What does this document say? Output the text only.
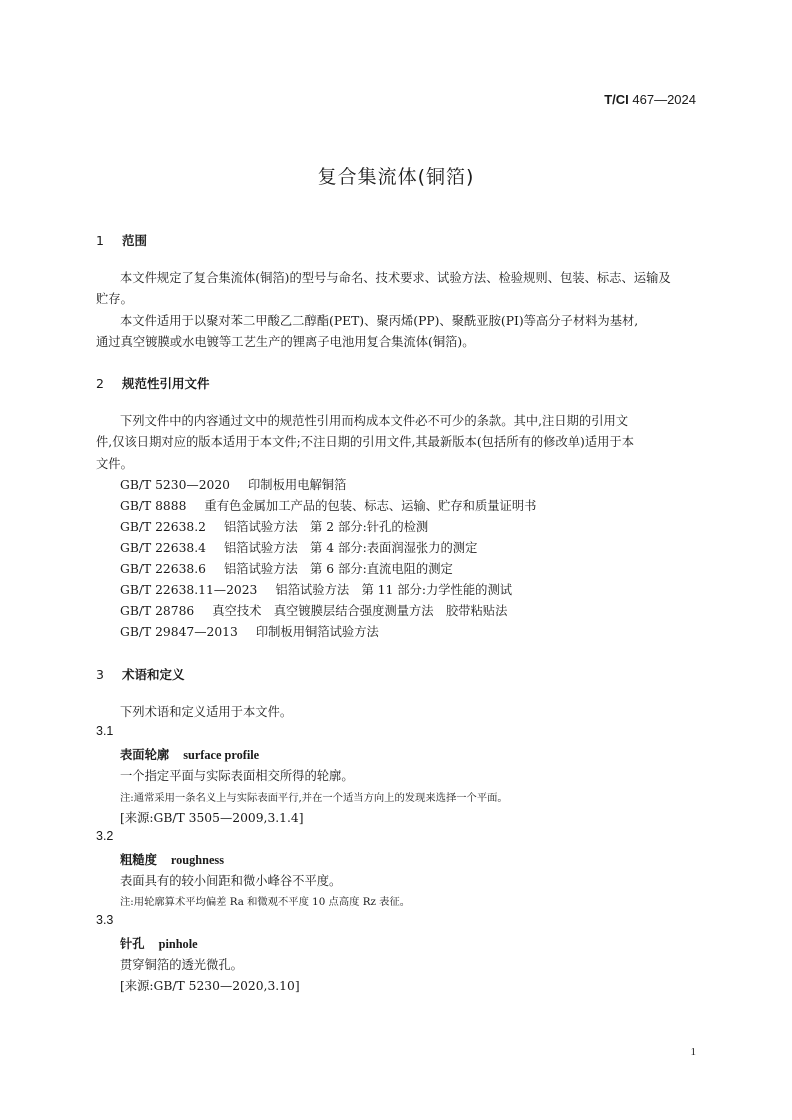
T/CI 467—2024
复合集流体(铜箔)
1 范围
本文件规定了复合集流体(铜箔)的型号与命名、技术要求、试验方法、检验规则、包装、标志、运输及
贮存。
本文件适用于以聚对苯二甲酸乙二醇酯(PET)、聚丙烯(PP)、聚酰亚胺(PI)等高分子材料为基材,
通过真空镀膜或水电镀等工艺生产的锂离子电池用复合集流体(铜箔)。
2 规范性引用文件
下列文件中的内容通过文中的规范性引用而构成本文件必不可少的条款。其中,注日期的引用文
件,仅该日期对应的版本适用于本文件;不注日期的引用文件,其最新版本(包括所有的修改单)适用于本
文件。
GB/T 5230—2020 印制板用电解铜箔
GB/T 8888 重有色金属加工产品的包装、标志、运输、贮存和质量证明书
GB/T 22638.2 铝箔试验方法　第 2 部分:针孔的检测
GB/T 22638.4 铝箔试验方法　第 4 部分:表面润湿张力的测定
GB/T 22638.6 铝箔试验方法　第 6 部分:直流电阻的测定
GB/T 22638.11—2023 铝箔试验方法　第 11 部分:力学性能的测试
GB/T 28786 真空技术　真空镀膜层结合强度测量方法　胶带粘贴法
GB/T 29847—2013 印制板用铜箔试验方法
3 术语和定义
下列术语和定义适用于本文件。
3.1
表面轮廓 surface profile
一个指定平面与实际表面相交所得的轮廓。
注:通常采用一条名义上与实际表面平行,并在一个适当方向上的发现来选择一个平面。
[来源:GB/T 3505—2009,3.1.4]
3.2
粗糙度 roughness
表面具有的较小间距和微小峰谷不平度。
注:用轮廓算术平均偏差 Ra 和微观不平度 10 点高度 Rz 表征。
3.3
针孔 pinhole
贯穿铜箔的透光微孔。
[来源:GB/T 5230—2020,3.10]
1
